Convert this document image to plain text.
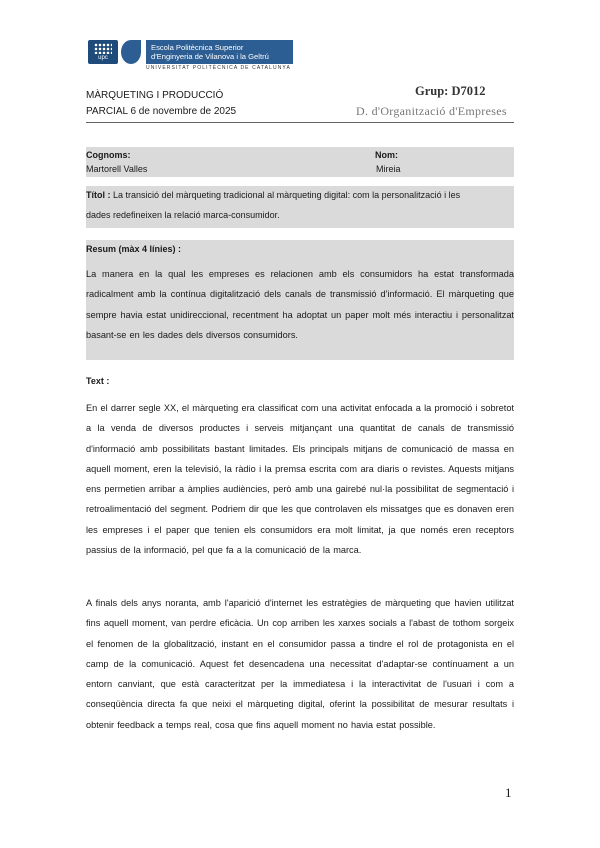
upc
Escola Politècnica Superior
d'Enginyeria de Vilanova i la Geltrú
UNIVERSITAT POLITÈCNICA DE CATALUNYA
MÀRQUETING I PRODUCCIÓ
PARCIAL 6 de novembre de 2025
Grup: D7012
D. d'Organització d'Empreses
Cognoms:
Martorell Valles
Nom:
Mireia
Títol : La transició del màrqueting tradicional al màrqueting digital: com la personalització i les
dades redefineixen la relació marca-consumidor.
Resum (màx 4 línies) :
La manera en la qual les empreses es relacionen amb els consumidors ha estat transformada radicalment amb la contínua digitalització dels canals de transmissió d'informació. El màrqueting que sempre havia estat unidireccional, recentment ha adoptat un paper molt més interactiu i personalitzat basant-se en les dades dels diversos consumidors.
Text :
En el darrer segle XX, el màrqueting era classificat com una activitat enfocada a la promoció i sobretot a la venda de diversos productes i serveis mitjançant una quantitat de canals de transmissió d'informació amb possibilitats bastant limitades. Els principals mitjans de comunicació de massa en aquell moment, eren la televisió, la ràdio i la premsa escrita com ara diaris o revistes. Aquests mitjans ens permetien arribar a àmplies audiències, però amb una gairebé nul·la possibilitat de segmentació i retroalimentació del segment. Podriem dir que les que controlaven els missatges que es donaven eren les empreses i el paper que tenien els consumidors era molt limitat, ja que només eren receptors passius de la informació, pel que fa a la comunicació de la marca.
A finals dels anys noranta, amb l'aparició d'internet les estratègies de màrqueting que havien utilitzat fins aquell moment, van perdre eficàcia. Un cop arriben les xarxes socials a l'abast de tothom sorgeix el fenomen de la globalització, instant en el consumidor passa a tindre el rol de protagonista en el camp de la comunicació. Aquest fet desencadena una necessitat d'adaptar-se contínuament a un entorn canviant, que està caracteritzat per la immediatesa i la interactivitat de l'usuari i com a conseqüència directa fa que neixi el màrqueting digital, oferint la possibilitat de mesurar resultats i obtenir feedback a temps real, cosa que fins aquell moment no havia estat possible.
1
